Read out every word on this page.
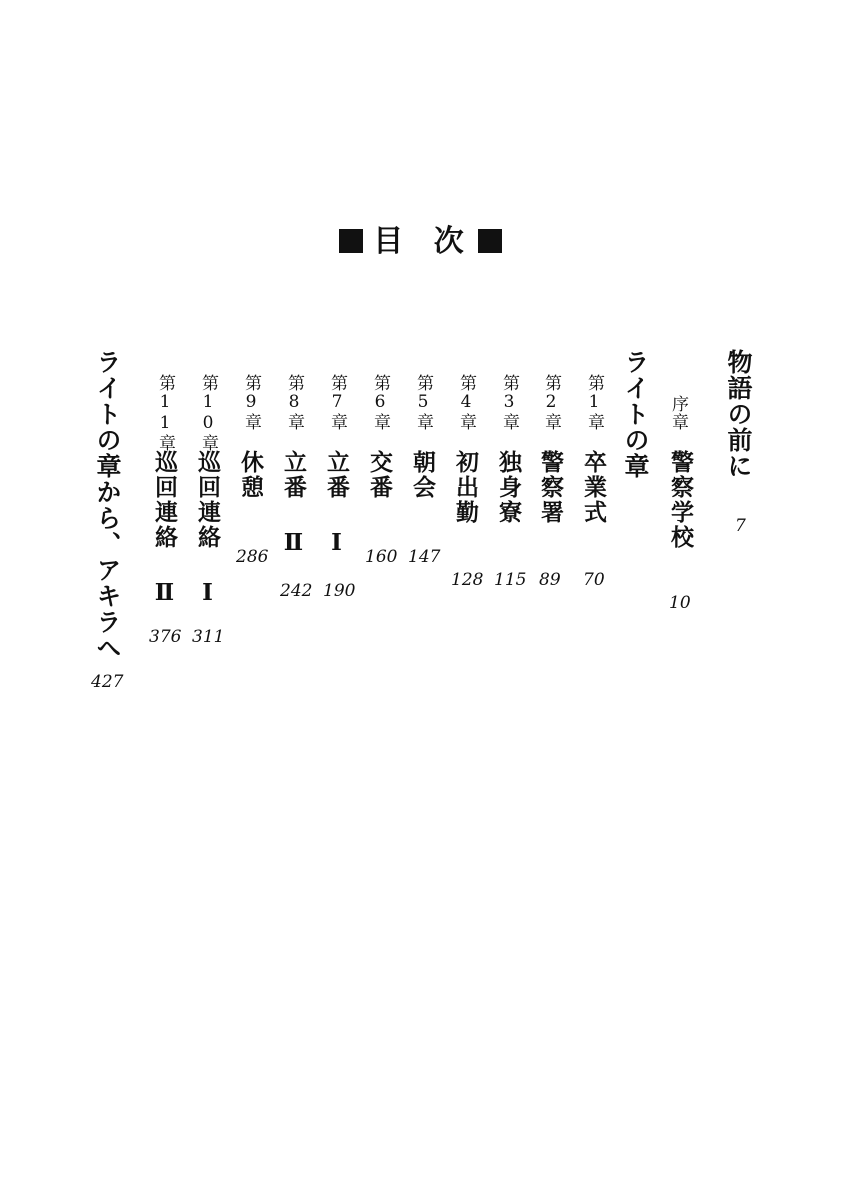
目 次
物語の前に
7
序章
警察学校
10
ライトの章
第1章
卒業式
70
第2章
警察署
89
第3章
独身寮
115
第4章
初出勤
128
第5章
朝会
147
第6章
交番
160
第7章
立番 Ⅰ
190
第8章
立番 Ⅱ
242
第9章
休憩
286
第10章
巡回連絡 Ⅰ
311
第11章
巡回連絡 Ⅱ
376
ライトの章から、アキラへ
427
